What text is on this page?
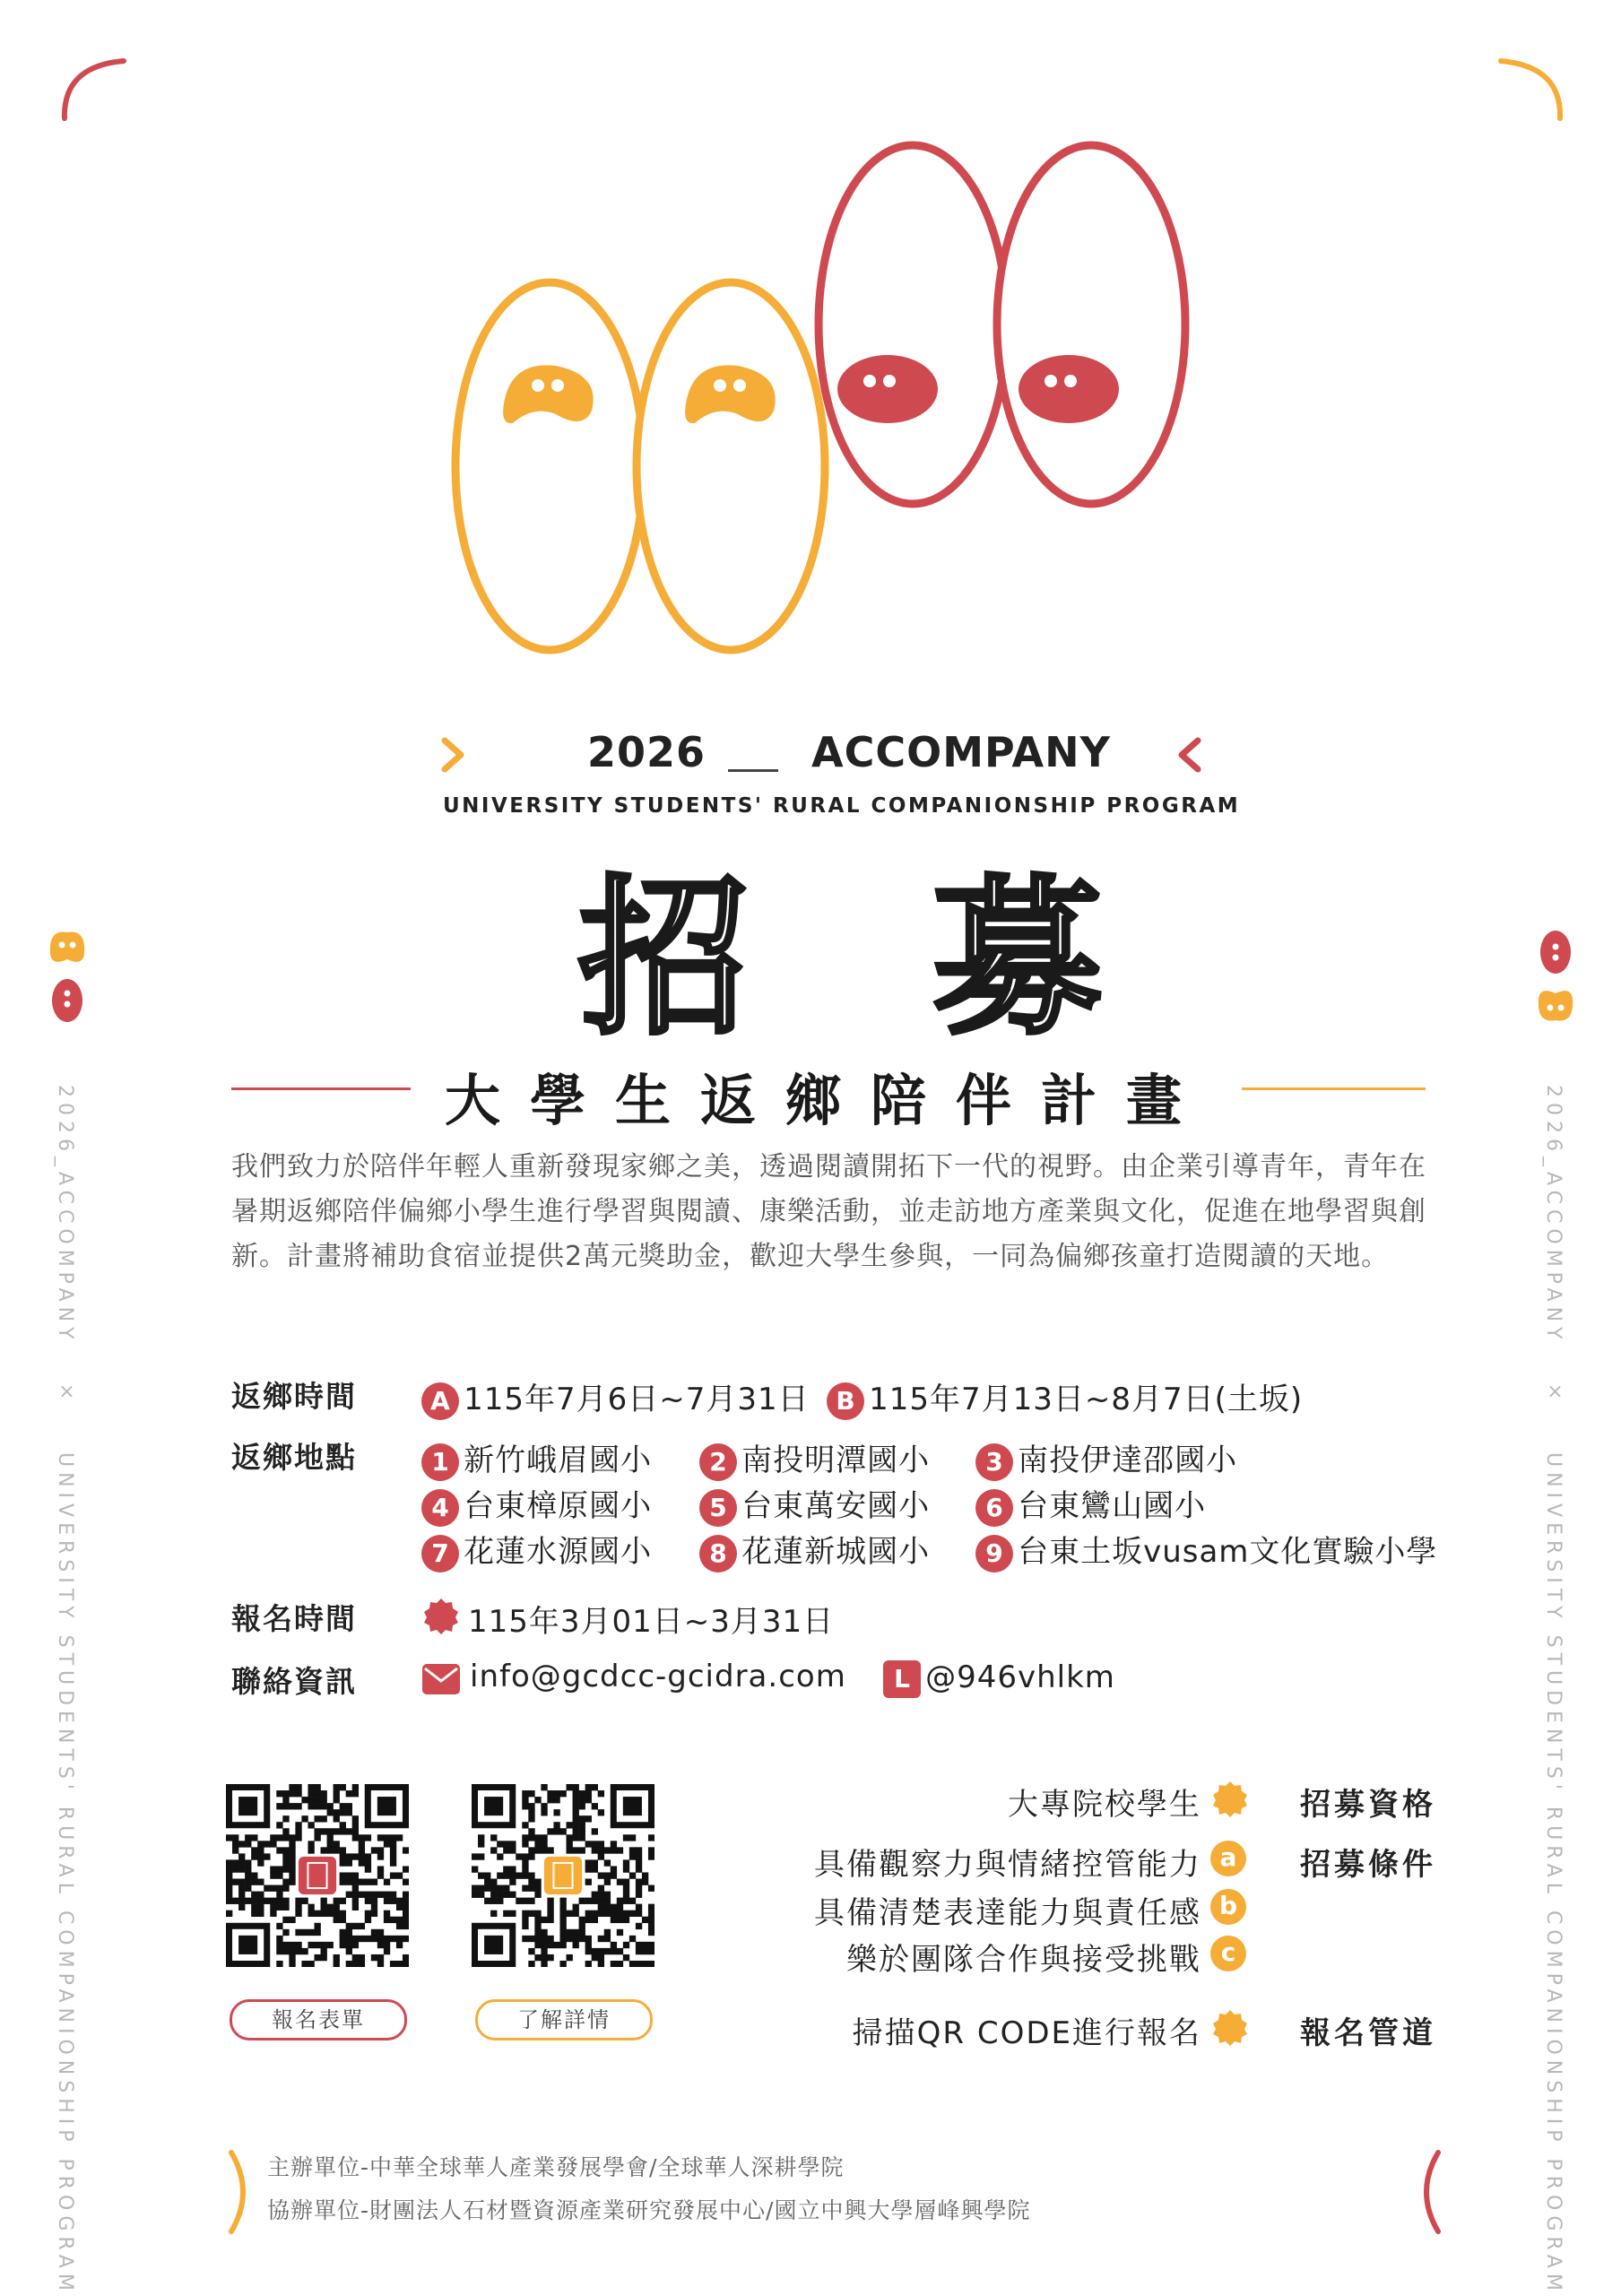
2026	ACCOMPANY
UNIVERSITY STUDENTS' RURAL COMPANIONSHIP PROGRAM
招 募
大學生返鄉陪伴計畫
我們致力於陪伴年輕人重新發現家鄉之美，透過閱讀開拓下一代的視野。由企業引導青年，青年在暑期返鄉陪伴偏鄉小學生進行學習與閱讀、康樂活動，並走訪地方產業與文化，促進在地學習與創新。計畫將補助食宿並提供2萬元獎助金，歡迎大學生參與，一同為偏鄉孩童打造閱讀的天地。
返鄉時間	A 115年7月6日~7月31日	B 115年7月13日~8月7日(土坂)
返鄉地點	1 新竹峨眉國小	2 南投明潭國小	3 南投伊達邵國小
4 台東樟原國小	5 台東萬安國小	6 台東鸞山國小
7 花蓮水源國小	8 花蓮新城國小	9 台東土坂vusam文化實驗小學
報名時間	115年3月01日~3月31日
聯絡資訊	info@gcdcc-gcidra.com	L @946vhlkm
報名表單	了解詳情
大專院校學生	招募資格
具備觀察力與情緒控管能力 a	招募條件
具備清楚表達能力與責任感 b
樂於團隊合作與接受挑戰 c
掃描QR CODE進行報名	報名管道
主辦單位-中華全球華人產業發展學會/全球華人深耕學院
協辦單位-財團法人石材暨資源產業研究發展中心/國立中興大學層峰興學院
2026_ACCOMPANY
×
UNIVERSITY STUDENTS' RURAL COMPANIONSHIP PROGRAM
2026_ACCOMPANY
×
UNIVERSITY STUDENTS' RURAL COMPANIONSHIP PROGRAM
